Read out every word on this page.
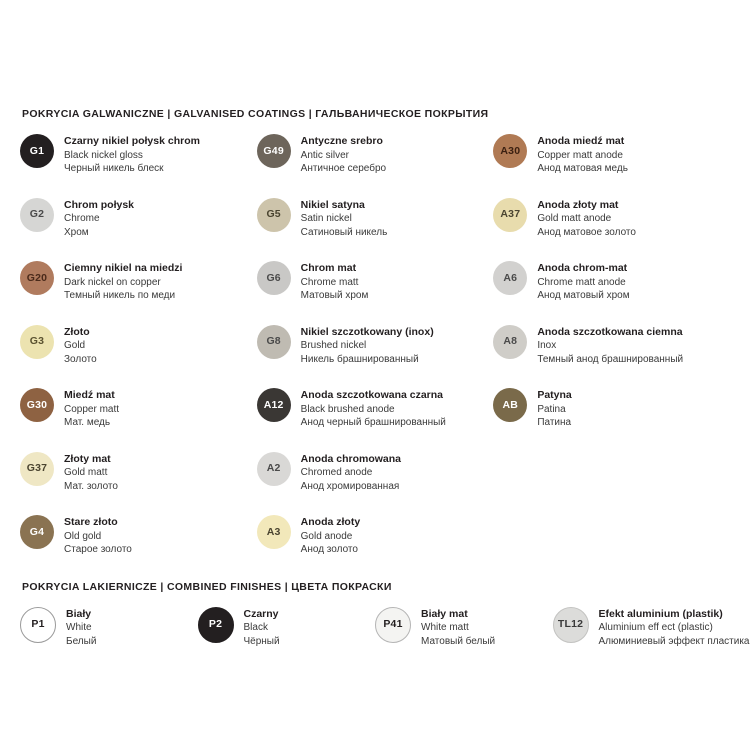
POKRYCIA GALWANICZNE | GALVANISED COATINGS | ГАЛЬВАНИЧЕСКОЕ ПОКРЫТИЯ
G1
Czarny nikiel połysk chrom
Black nickel gloss
Черный никель блеск
G2
Chrom połysk
Chrome
Хром
G20
Ciemny nikiel na miedzi
Dark nickel on copper
Темный никель по меди
G3
Złoto
Gold
Золото
G30
Miedź mat
Copper matt
Мат. медь
G37
Złoty mat
Gold matt
Мат. золото
G4
Stare złoto
Old gold
Старое золото
G49
Antyczne srebro
Antic silver
Античное серебро
G5
Nikiel satyna
Satin nickel
Сатиновый никель
G6
Chrom mat
Chrome matt
Матовый хром
G8
Nikiel szczotkowany (inox)
Brushed nickel
Никель брашнированный
A12
Anoda szczotkowana czarna
Black brushed anode
Анод черный брашнированный
A2
Anoda chromowana
Chromed anode
Анод хромированная
A3
Anoda złoty
Gold anode
Анод золото
A30
Anoda miedź mat
Copper matt anode
Анод матовая медь
A37
Anoda złoty mat
Gold matt anode
Анод матовое золото
A6
Anoda chrom-mat
Chrome matt anode
Анод матовый хром
A8
Anoda szczotkowana ciemna
Inox
Темный анод брашнированный
AB
Patyna
Patina
Патина
POKRYCIA LAKIERNICZE | COMBINED FINISHES | ЦВЕТА ПОКРАСКИ
P1
Biały
White
Белый
P2
Czarny
Black
Чёрный
P41
Biały mat
White matt
Матовый белый
TL12
Efekt aluminium (plastik)
Aluminium eff ect (plastic)
Алюминиевый эффект пластика
